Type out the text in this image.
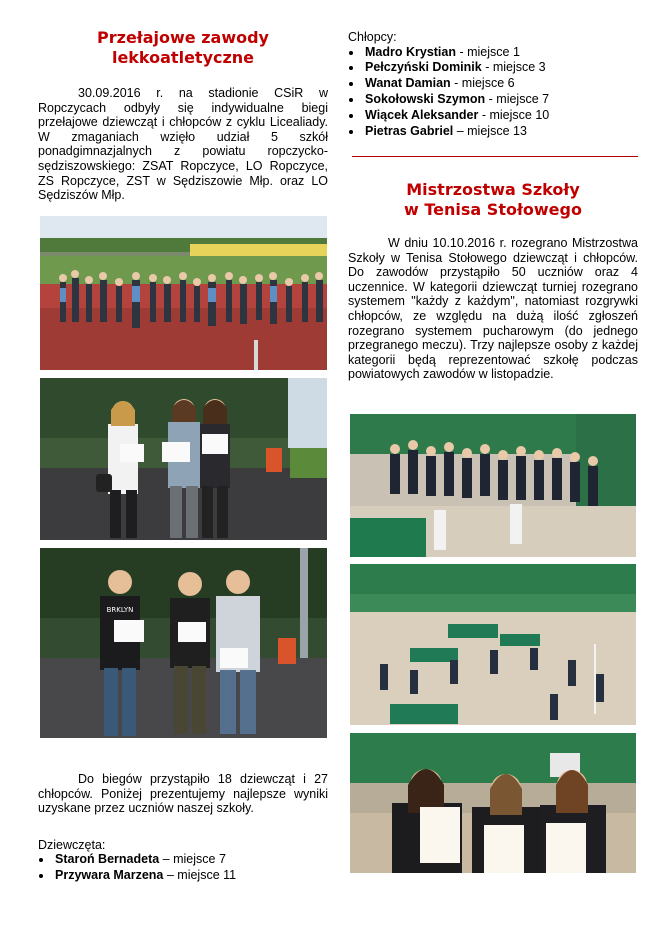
Przełajowe zawody
lekkoatletyczne

30.09.2016 r. na stadionie CSiR w Ropczycach odbyły się indywidualne biegi przełajowe dziewcząt i chłopców z cyklu Licealiady. W zmaganiach wzięło udział 5 szkół ponadgimnazjalnych z powiatu ropczycko-sędziszowskiego: ZSAT Ropczyce, LO Ropczyce, ZS Ropczyce, ZST w Sędziszowie Młp. oraz LO Sędziszów Młp.

BRKLYN

Do biegów przystąpiło 18 dziewcząt i 27 chłopców. Poniżej prezentujemy najlepsze wyniki uzyskane przez uczniów naszej szkoły.

Dziewczęta:

• Staroń Bernadeta – miejsce 7
• Przywara Marzena – miejsce 11

Chłopcy:

• Madro Krystian - miejsce 1
• Pełczyński Dominik - miejsce 3
• Wanat Damian - miejsce 6
• Sokołowski Szymon - miejsce 7
• Wiącek Aleksander - miejsce 10
• Pietras Gabriel – miejsce 13
Mistrzostwa Szkoły
w Tenisa Stołowego

W dniu 10.10.2016 r. rozegrano Mistrzostwa Szkoły w Tenisa Stołowego dziewcząt i chłopców. Do zawodów przystąpiło 50 uczniów oraz 4 uczennice. W kategorii dziewcząt turniej rozegrano systemem "każdy z każdym", natomiast rozgrywki chłopców, ze względu na dużą ilość zgłoszeń rozegrano systemem pucharowym (do jednego przegranego meczu). Trzy najlepsze osoby z każdej kategorii będą reprezentować szkołę podczas powiatowych zawodów w listopadzie.
